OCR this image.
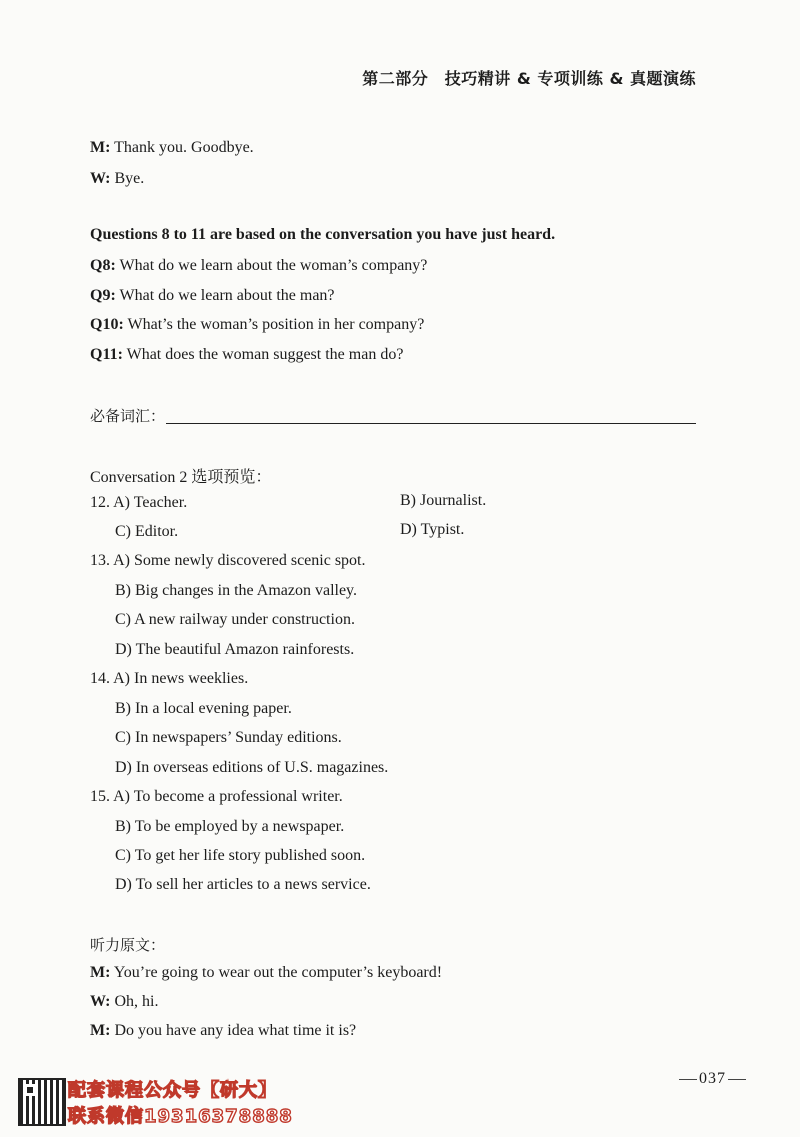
第二部分　技巧精讲 & 专项训练 & 真题演练
M: Thank you. Goodbye.
W: Bye.
Questions 8 to 11 are based on the conversation you have just heard.
Q8: What do we learn about the woman’s company?
Q9: What do we learn about the man?
Q10: What’s the woman’s position in her company?
Q11: What does the woman suggest the man do?
必备词汇：
Conversation 2 选项预览：
12. A) Teacher.	B) Journalist.
C) Editor.	D) Typist.
13. A) Some newly discovered scenic spot.
B) Big changes in the Amazon valley.
C) A new railway under construction.
D) The beautiful Amazon rainforests.
14. A) In news weeklies.
B) In a local evening paper.
C) In newspapers’ Sunday editions.
D) In overseas editions of U.S. magazines.
15. A) To become a professional writer.
B) To be employed by a newspaper.
C) To get her life story published soon.
D) To sell her articles to a news service.
听力原文：
M: You’re going to wear out the computer’s keyboard!
W: Oh, hi.
M: Do you have any idea what time it is?
配套课程公众号【研大】
联系微信19316378888
037
